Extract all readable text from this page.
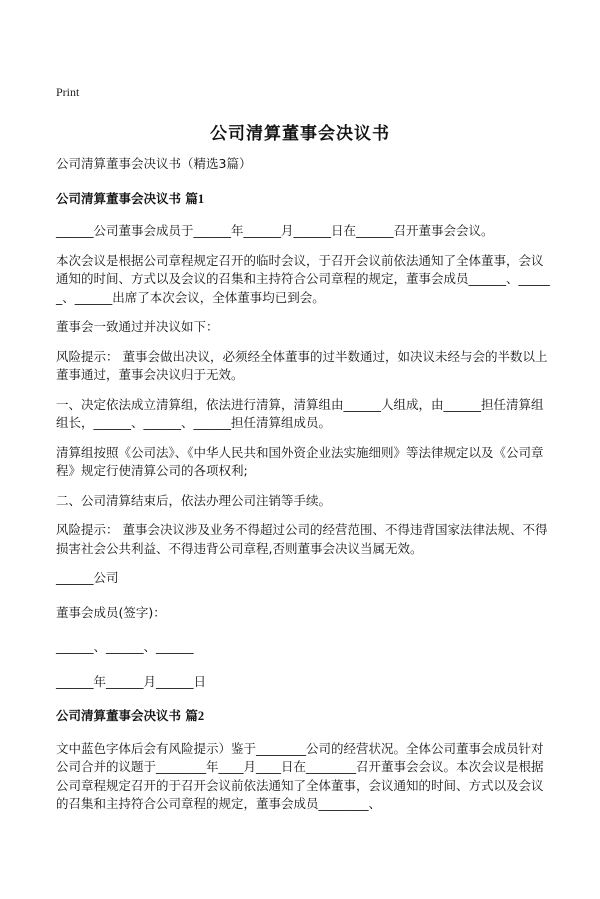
Print
公司清算董事会决议书

公司清算董事会决议书（精选3篇）

公司清算董事会决议书 篇1

______公司董事会成员于______年______月______日在______召开董事会会议。

本次会议是根据公司章程规定召开的临时会议，于召开会议前依法通知了全体董事，会议通知的时间、方式以及会议的召集和主持符合公司章程的规定，董事会成员______、______、______出席了本次会议，全体董事均已到会。

董事会一致通过并决议如下：

风险提示： 董事会做出决议，必须经全体董事的过半数通过，如决议未经与会的半数以上董事通过，董事会决议归于无效。

一、决定依法成立清算组，依法进行清算，清算组由______人组成，由______担任清算组组长，______、______、______担任清算组成员。

清算组按照《公司法》、《中华人民共和国外资企业法实施细则》等法律规定以及《公司章程》规定行使清算公司的各项权利;

二、公司清算结束后，依法办理公司注销等手续。

风险提示： 董事会决议涉及业务不得超过公司的经营范围、不得违背国家法律法规、不得损害社会公共利益、不得违背公司章程,否则董事会决议当属无效。

______公司

董事会成员(签字)：

______、______、______

______年______月______日

公司清算董事会决议书 篇2

文中蓝色字体后会有风险提示）鉴于________公司的经营状况。全体公司董事会成员针对公司合并的议题于________年____月____日在________召开董事会会议。本次会议是根据公司章程规定召开的于召开会议前依法通知了全体董事，会议通知的时间、方式以及会议的召集和主持符合公司章程的规定，董事会成员________、
